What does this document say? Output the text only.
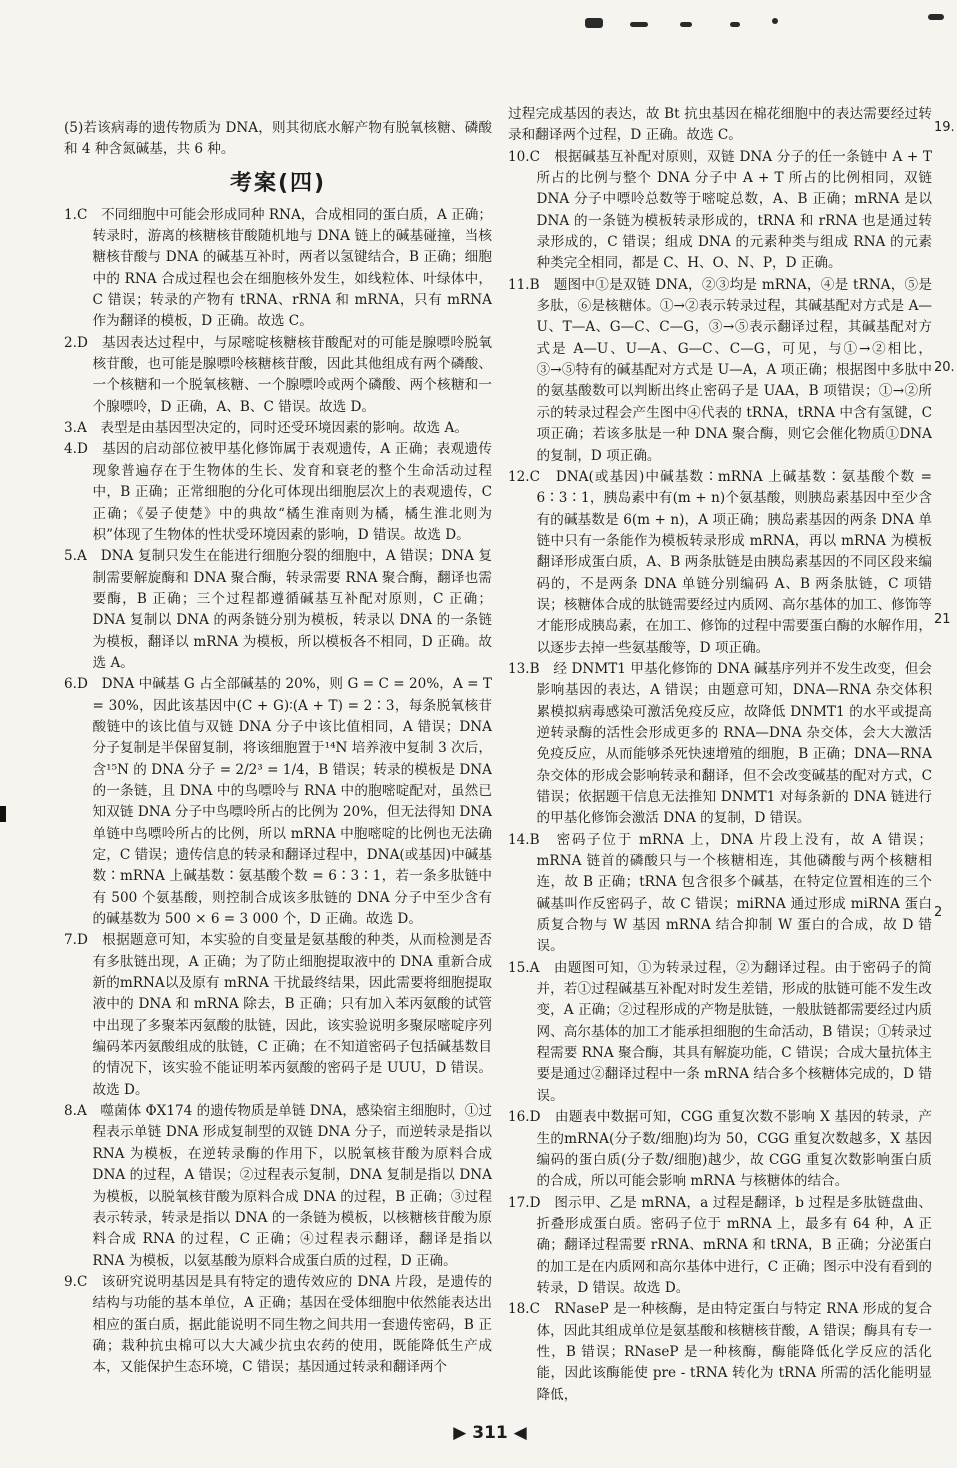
(5)若该病毒的遗传物质为 DNA，则其彻底水解产物有脱氧核糖、磷酸和 4 种含氮碱基，共 6 种。

考案(四)

1.C　不同细胞中可能会形成同种 RNA，合成相同的蛋白质，A 正确；转录时，游离的核糖核苷酸随机地与 DNA 链上的碱基碰撞，当核糖核苷酸与 DNA 的碱基互补时，两者以氢键结合，B 正确；细胞中的 RNA 合成过程也会在细胞核外发生，如线粒体、叶绿体中，C 错误；转录的产物有 tRNA、rRNA 和 mRNA，只有 mRNA 作为翻译的模板，D 正确。故选 C。

2.D　基因表达过程中，与尿嘧啶核糖核苷酸配对的可能是腺嘌呤脱氧核苷酸，也可能是腺嘌呤核糖核苷酸，因此其他组成有两个磷酸、一个核糖和一个脱氧核糖、一个腺嘌呤或两个磷酸、两个核糖和一个腺嘌呤，D 正确，A、B、C 错误。故选 D。

3.A　表型是由基因型决定的，同时还受环境因素的影响。故选 A。

4.D　基因的启动部位被甲基化修饰属于表观遗传，A 正确；表观遗传现象普遍存在于生物体的生长、发育和衰老的整个生命活动过程中，B 正确；正常细胞的分化可体现出细胞层次上的表观遗传，C 正确；《晏子使楚》中的典故“橘生淮南则为橘，橘生淮北则为枳”体现了生物体的性状受环境因素的影响，D 错误。故选 D。

5.A　DNA 复制只发生在能进行细胞分裂的细胞中，A 错误；DNA 复制需要解旋酶和 DNA 聚合酶，转录需要 RNA 聚合酶，翻译也需要酶，B 正确；三个过程都遵循碱基互补配对原则，C 正确；DNA 复制以 DNA 的两条链分别为模板，转录以 DNA 的一条链为模板，翻译以 mRNA 为模板，所以模板各不相同，D 正确。故选 A。

6.D　DNA 中碱基 G 占全部碱基的 20%，则 G = C = 20%，A = T = 30%，因此该基因中(C + G)∶(A + T) = 2∶3，每条脱氧核苷酸链中的该比值与双链 DNA 分子中该比值相同，A 错误；DNA 分子复制是半保留复制，将该细胞置于¹⁴N 培养液中复制 3 次后，含¹⁵N 的 DNA 分子 = 2/2³ = 1/4，B 错误；转录的模板是 DNA 的一条链，且 DNA 中的鸟嘌呤与 RNA 中的胞嘧啶配对，虽然已知双链 DNA 分子中鸟嘌呤所占的比例为 20%，但无法得知 DNA 单链中鸟嘌呤所占的比例，所以 mRNA 中胞嘧啶的比例也无法确定，C 错误；遗传信息的转录和翻译过程中，DNA(或基因)中碱基数∶mRNA 上碱基数∶氨基酸个数 = 6∶3∶1，若一条多肽链中有 500 个氨基酸，则控制合成该多肽链的 DNA 分子中至少含有的碱基数为 500 × 6 = 3 000 个，D 正确。故选 D。

7.D　根据题意可知，本实验的自变量是氨基酸的种类，从而检测是否有多肽链出现，A 正确；为了防止细胞提取液中的 DNA 重新合成新的mRNA以及原有 mRNA 干扰最终结果，因此需要将细胞提取液中的 DNA 和 mRNA 除去，B 正确；只有加入苯丙氨酸的试管中出现了多聚苯丙氨酸的肽链，因此，该实验说明多聚尿嘧啶序列编码苯丙氨酸组成的肽链，C 正确；在不知道密码子包括碱基数目的情况下，该实验不能证明苯丙氨酸的密码子是 UUU，D 错误。故选 D。

8.A　噬菌体 ΦX174 的遗传物质是单链 DNA，感染宿主细胞时，①过程表示单链 DNA 形成复制型的双链 DNA 分子，而逆转录是指以 RNA 为模板，在逆转录酶的作用下，以脱氧核苷酸为原料合成 DNA 的过程，A 错误；②过程表示复制，DNA 复制是指以 DNA 为模板，以脱氧核苷酸为原料合成 DNA 的过程，B 正确；③过程表示转录，转录是指以 DNA 的一条链为模板，以核糖核苷酸为原料合成 RNA 的过程，C 正确；④过程表示翻译，翻译是指以 RNA 为模板，以氨基酸为原料合成蛋白质的过程，D 正确。

9.C　该研究说明基因是具有特定的遗传效应的 DNA 片段，是遗传的结构与功能的基本单位，A 正确；基因在受体细胞中依然能表达出相应的蛋白质，据此能说明不同生物之间共用一套遗传密码，B 正确；栽种抗虫棉可以大大减少抗虫农药的使用，既能降低生产成本，又能保护生态环境，C 错误；基因通过转录和翻译两个

过程完成基因的表达，故 Bt 抗虫基因在棉花细胞中的表达需要经过转录和翻译两个过程，D 正确。故选 C。

10.C　根据碱基互补配对原则，双链 DNA 分子的任一条链中 A + T 所占的比例与整个 DNA 分子中 A + T 所占的比例相同，双链 DNA 分子中嘌呤总数等于嘧啶总数，A、B 正确；mRNA 是以 DNA 的一条链为模板转录形成的，tRNA 和 rRNA 也是通过转录形成的，C 错误；组成 DNA 的元素种类与组成 RNA 的元素种类完全相同，都是 C、H、O、N、P，D 正确。

11.B　题图中①是双链 DNA，②③均是 mRNA，④是 tRNA，⑤是多肽，⑥是核糖体。①→②表示转录过程，其碱基配对方式是 A—U、T—A、G—C、C—G，③→⑤表示翻译过程，其碱基配对方式是 A—U、U—A、G—C、C—G，可见，与①→②相比，③→⑤特有的碱基配对方式是 U—A，A 项正确；根据图中多肽中的氨基酸数可以判断出终止密码子是 UAA，B 项错误；①→②所示的转录过程会产生图中④代表的 tRNA，tRNA 中含有氢键，C 项正确；若该多肽是一种 DNA 聚合酶，则它会催化物质①DNA 的复制，D 项正确。

12.C　DNA(或基因)中碱基数∶mRNA 上碱基数∶氨基酸个数 = 6∶3∶1，胰岛素中有(m + n)个氨基酸，则胰岛素基因中至少含有的碱基数是 6(m + n)，A 项正确；胰岛素基因的两条 DNA 单链中只有一条能作为模板转录形成 mRNA，再以 mRNA 为模板翻译形成蛋白质，A、B 两条肽链是由胰岛素基因的不同区段来编码的，不是两条 DNA 单链分别编码 A、B 两条肽链，C 项错误；核糖体合成的肽链需要经过内质网、高尔基体的加工、修饰等才能形成胰岛素，在加工、修饰的过程中需要蛋白酶的水解作用，以逐步去掉一些氨基酸等，D 项正确。

13.B　经 DNMT1 甲基化修饰的 DNA 碱基序列并不发生改变，但会影响基因的表达，A 错误；由题意可知，DNA—RNA 杂交体积累模拟病毒感染可激活免疫反应，故降低 DNMT1 的水平或提高逆转录酶的活性会形成更多的 RNA—DNA 杂交体，会大大激活免疫反应，从而能够杀死快速增殖的细胞，B 正确；DNA—RNA 杂交体的形成会影响转录和翻译，但不会改变碱基的配对方式，C 错误；依据题干信息无法推知 DNMT1 对每条新的 DNA 链进行的甲基化修饰会激活 DNA 的复制，D 错误。

14.B　密码子位于 mRNA 上，DNA 片段上没有，故 A 错误；mRNA 链首的磷酸只与一个核糖相连，其他磷酸与两个核糖相连，故 B 正确；tRNA 包含很多个碱基，在特定位置相连的三个碱基叫作反密码子，故 C 错误；miRNA 通过形成 miRNA 蛋白质复合物与 W 基因 mRNA 结合抑制 W 蛋白的合成，故 D 错误。

15.A　由题图可知，①为转录过程，②为翻译过程。由于密码子的简并，若①过程碱基互补配对时发生差错，形成的肽链可能不发生改变，A 正确；②过程形成的产物是肽链，一般肽链都需要经过内质网、高尔基体的加工才能承担细胞的生命活动，B 错误；①转录过程需要 RNA 聚合酶，其具有解旋功能，C 错误；合成大量抗体主要是通过②翻译过程中一条 mRNA 结合多个核糖体完成的，D 错误。

16.D　由题表中数据可知，CGG 重复次数不影响 X 基因的转录，产生的mRNA(分子数/细胞)均为 50，CGG 重复次数越多，X 基因编码的蛋白质(分子数/细胞)越少，故 CGG 重复次数影响蛋白质的合成，所以可能会影响 mRNA 与核糖体的结合。

17.D　图示甲、乙是 mRNA，a 过程是翻译，b 过程是多肽链盘曲、折叠形成蛋白质。密码子位于 mRNA 上，最多有 64 种，A 正确；翻译过程需要 rRNA、mRNA 和 tRNA，B 正确；分泌蛋白的加工是在内质网和高尔基体中进行，C 正确；图示中没有看到的转录，D 错误。故选 D。

18.C　RNaseP 是一种核酶，是由特定蛋白与特定 RNA 形成的复合体，因此其组成单位是氨基酸和核糖核苷酸，A 错误；酶具有专一性，B 错误；RNaseP 是一种核酶，酶能降低化学反应的活化能，因此该酶能使 pre - tRNA 转化为 tRNA 所需的活化能明显降低，

19.
20.
21
2
▶ 311 ◀
